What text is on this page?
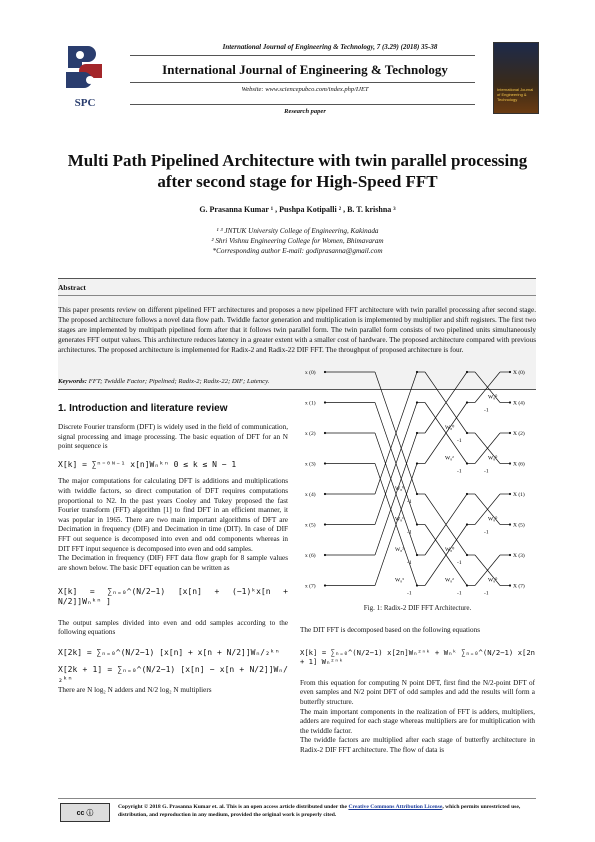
International Journal of Engineering & Technology, 7 (3.29) (2018) 35-38
International Journal of Engineering & Technology
Website: www.sciencepubco.com/index.php/IJET
Research paper
SPC
International Journal of Engineering & Technology
Multi Path Pipelined Architecture with twin parallel processing after second stage for High-Speed FFT
G. Prasanna Kumar ¹ , Pushpa Kotipalli ² , B. T. krishna ³
¹ ³ JNTUK University College of Engineering, Kakinada
² Shri Vishnu Engineering College for Women, Bhimavaram
*Corresponding author E-mail: godiprasanna@gmail.com
Abstract
This paper presents review on different pipelined FFT architectures and proposes a new pipelined FFT architecture with twin parallel processing after second stage. The proposed architecture follows a novel data flow path. Twiddle factor generation and multiplication is implemented by multiplier and shift registers. The first two stages are implemented by multipath pipelined form after that it follows twin parallel form. The twin parallel form consists of two pipelined units simultaneously generates FFT output values. This architecture reduces latency in a greater extent with a smaller cost of hardware. The proposed architecture compared with previous architectures. The proposed architecture is implemented for Radix-2 and Radix-22 DIF FFT. The throughput of proposed architecture is four.
Keywords: FFT; Twiddle Factor; Pipelined; Radix-2; Radix-22; DIF; Latency.
1. Introduction and literature review
Discrete Fourier transform (DFT) is widely used in the field of communication, signal processing and image processing. The basic equation of DFT for an N point sequence is
X[k] = ∑ⁿ⁼⁰ᴺ⁻¹ x[n]Wₙᵏⁿ 0 ≤ k ≤ N − 1
The major computations for calculating DFT is additions and multiplications with twiddle factors, so direct computation of DFT requires computations proportional to N2. In the past years Cooley and Tukey proposed the fast Fourier transform (FFT) algorithm [1] to find DFT in an efficient manner, it was popular in 1965. There are two main important algorithms of DFT are Decimation in frequency (DIF) and Decimation in time (DIT). In case of DIF FFT out sequence is decomposed into even and odd components whereas in DIT FFT input sequence is decomposed into even and odd samples.
The Decimation in frequency (DIF) FFT data flow graph for 8 sample values are shown below. The basic DFT equation can be written as
X[k] = ∑ₙ₌₀^(N/2−1) [x[n] + (−1)ᵏx[n + N/2]]Wₙᵏⁿ ]
The output samples divided into even and odd samples according to the following equations
X[2k] = ∑ₙ₌₀^(N/2−1) [x[n] + x[n + N/2]]Wₙ/₂ᵏⁿ
X[2k + 1] = ∑ₙ₌₀^(N/2−1) [x[n] − x[n + N/2]]Wₙ/₂ᵏⁿ
There are N log₂ N adders and N/2 log₂ N multipliers
x (0)	X (0)
x (1)	X (4)
x (2)	X (2)
x (3)	X (6)
x (4)	X (1)
x (5)	X (5)
x (6)	X (3)
x (7)	X (7)
W₈⁰
-1
W₈¹
-1
W₈²
-1
W₈³
-1
W₈⁰
-1
W₈²
-1
W₈⁰
-1
W₈²
-1
W₈⁰
-1
W₈⁰
-1
W₈⁰
-1
W₈⁰
-1
Fig. 1: Radix-2 DIF FFT Architecture.
The DIT FFT is decomposed based on the following equations
X[k] = ∑ₙ₌₀^(N/2−1) x[2n]Wₙ²ⁿᵏ + Wₙᵏ ∑ₙ₌₀^(N/2−1) x[2n + 1] Wₙ²ⁿᵏ
From this equation for computing N point DFT, first find the N/2-point DFT of even samples and N/2 point DFT of odd samples and add the results will form a butterfly structure.
The main important components in the realization of FFT is adders, multipliers, adders are required for each stage whereas multipliers are for multiplication with the twiddle factor.
The twiddle factors are multiplied after each stage of butterfly architecture in Radix-2 DIF FFT architecture. The flow of data is
cc ⓘ
Copyright © 2018 G. Prasanna Kumar et. al. This is an open access article distributed under the Creative Commons Attribution License, which permits unrestricted use, distribution, and reproduction in any medium, provided the original work is properly cited.
